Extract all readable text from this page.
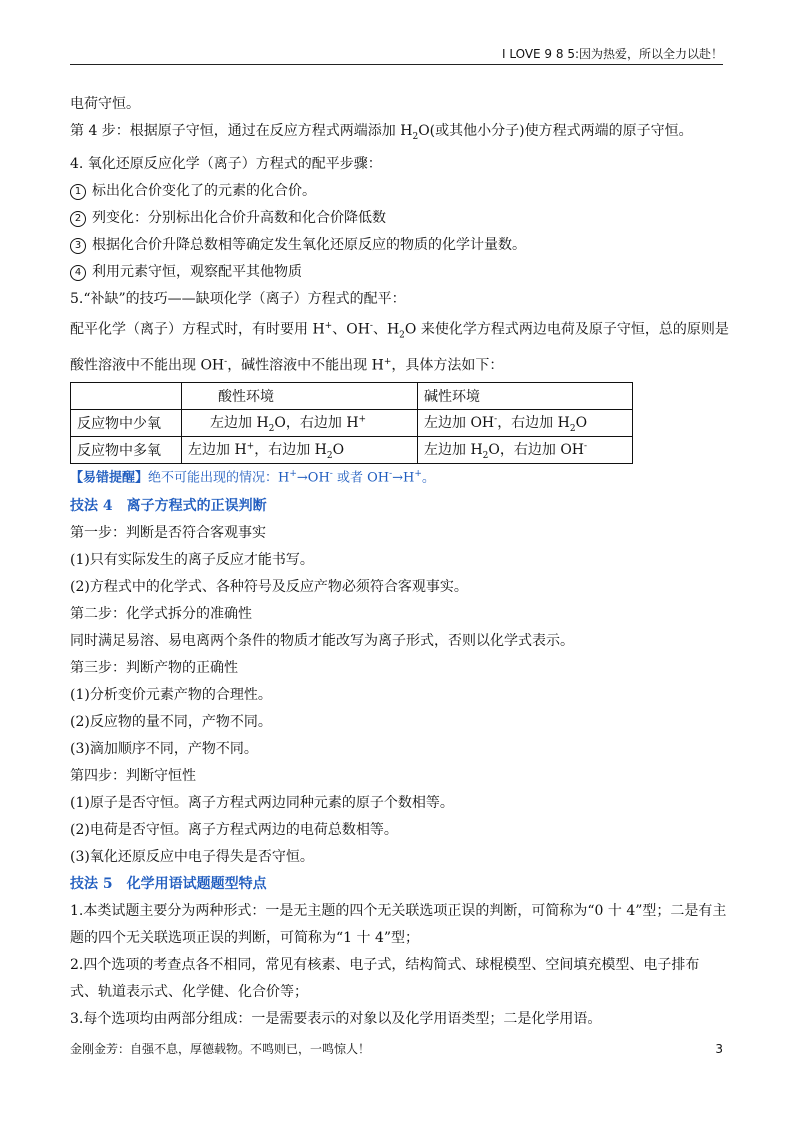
I LOVE 9 8 5:因为热爱，所以全力以赴！

电荷守恒。

第 4 步：根据原子守恒，通过在反应方程式两端添加 $H_2O$(或其他小分子)使方程式两端的原子守恒。

4. 氧化还原反应化学（离子）方程式的配平步骤：

1 标出化合价变化了的元素的化合价。

2 列变化：分别标出化合价升高数和化合价降低数

3 根据化合价升降总数相等确定发生氧化还原反应的物质的化学计量数。

4 利用元素守恒，观察配平其他物质

5.“补缺”的技巧——缺项化学（离子）方程式的配平：

配平化学（离子）方程式时，有时要用 H+、OH-、$H_2O$ 来使化学方程式两边电荷及原子守恒，总的原则是

酸性溶液中不能出现 OH-，碱性溶液中不能出现 H+，具体方法如下：

	酸性环境	碱性环境
反应物中少氧	左边加 $H_2O$，右边加 H+	左边加 OH-，右边加 $H_2O$
反应物中多氧	左边加 H+，右边加 $H_2O$	左边加 $H_2O$，右边加 OH-

【易错提醒】绝不可能出现的情况：H+→OH- 或者 OH-→H+。

技法 4　离子方程式的正误判断

第一步：判断是否符合客观事实

(1)只有实际发生的离子反应才能书写。

(2)方程式中的化学式、各种符号及反应产物必须符合客观事实。

第二步：化学式拆分的准确性

同时满足易溶、易电离两个条件的物质才能改写为离子形式，否则以化学式表示。

第三步：判断产物的正确性

(1)分析变价元素产物的合理性。

(2)反应物的量不同，产物不同。

(3)滴加顺序不同，产物不同。

第四步：判断守恒性

(1)原子是否守恒。离子方程式两边同种元素的原子个数相等。

(2)电荷是否守恒。离子方程式两边的电荷总数相等。

(3)氧化还原反应中电子得失是否守恒。

技法 5　化学用语试题题型特点

1.本类试题主要分为两种形式：一是无主题的四个无关联选项正误的判断，可简称为“0 十 4”型；二是有主

题的四个无关联选项正误的判断，可简称为“1 十 4”型；

2.四个选项的考查点各不相同，常见有核素、电子式，结构简式、球棍模型、空间填充模型、电子排布

式、轨道表示式、化学健、化合价等；

3.每个选项均由两部分组成：一是需要表示的对象以及化学用语类型；二是化学用语。

金刚金芳：自强不息，厚德载物。不鸣则已，一鸣惊人！	3
